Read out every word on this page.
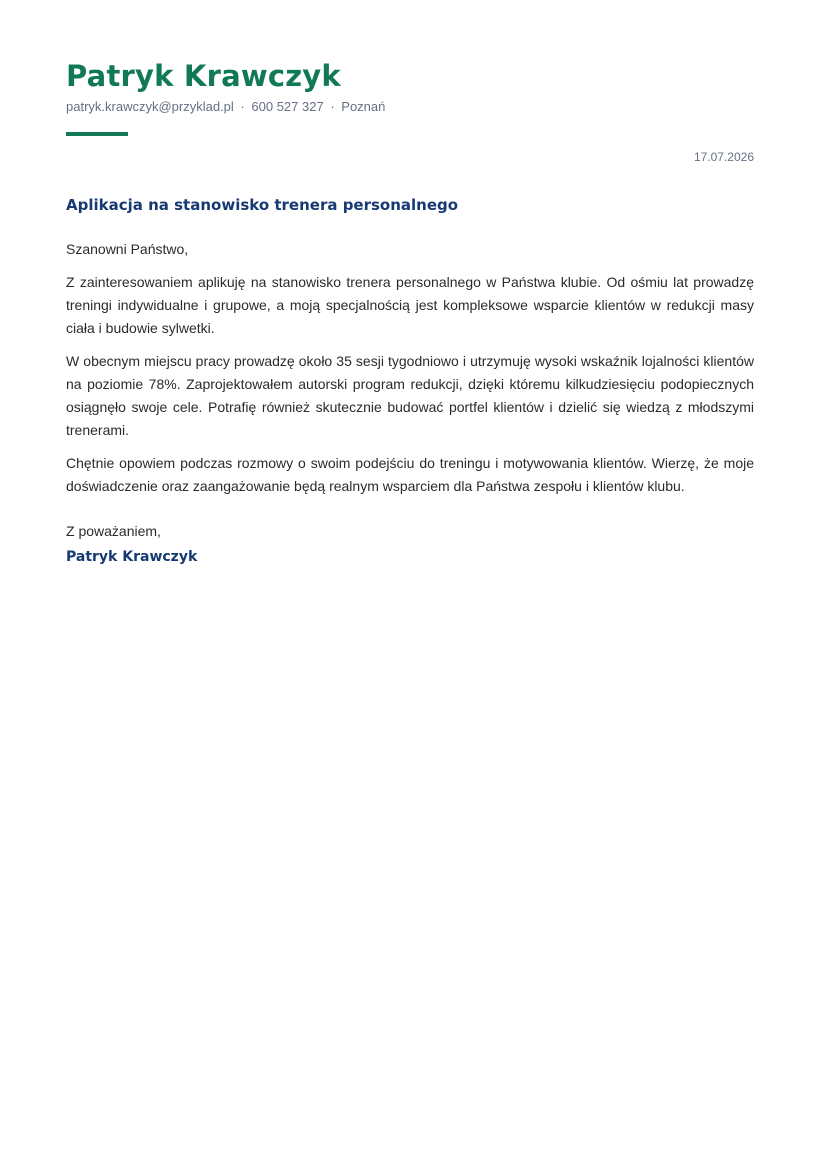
Patryk Krawczyk
patryk.krawczyk@przyklad.pl · 600 527 327 · Poznań
17.07.2026
Aplikacja na stanowisko trenera personalnego
Szanowni Państwo,

Z zainteresowaniem aplikuję na stanowisko trenera personalnego w Państwa klubie. Od ośmiu lat prowadzę treningi indywidualne i grupowe, a moją specjalnością jest kompleksowe wsparcie klientów w redukcji masy ciała i budowie sylwetki.

W obecnym miejscu pracy prowadzę około 35 sesji tygodniowo i utrzymuję wysoki wskaźnik lojalności klientów na poziomie 78%. Zaprojektowałem autorski program redukcji, dzięki któremu kilkudziesięciu podopiecznych osiągnęło swoje cele. Potrafię również skutecznie budować portfel klientów i dzielić się wiedzą z młodszymi trenerami.

Chętnie opowiem podczas rozmowy o swoim podejściu do treningu i motywowania klientów. Wierzę, że moje doświadczenie oraz zaangażowanie będą realnym wsparciem dla Państwa zespołu i klientów klubu.

Z poważaniem,
Patryk Krawczyk
